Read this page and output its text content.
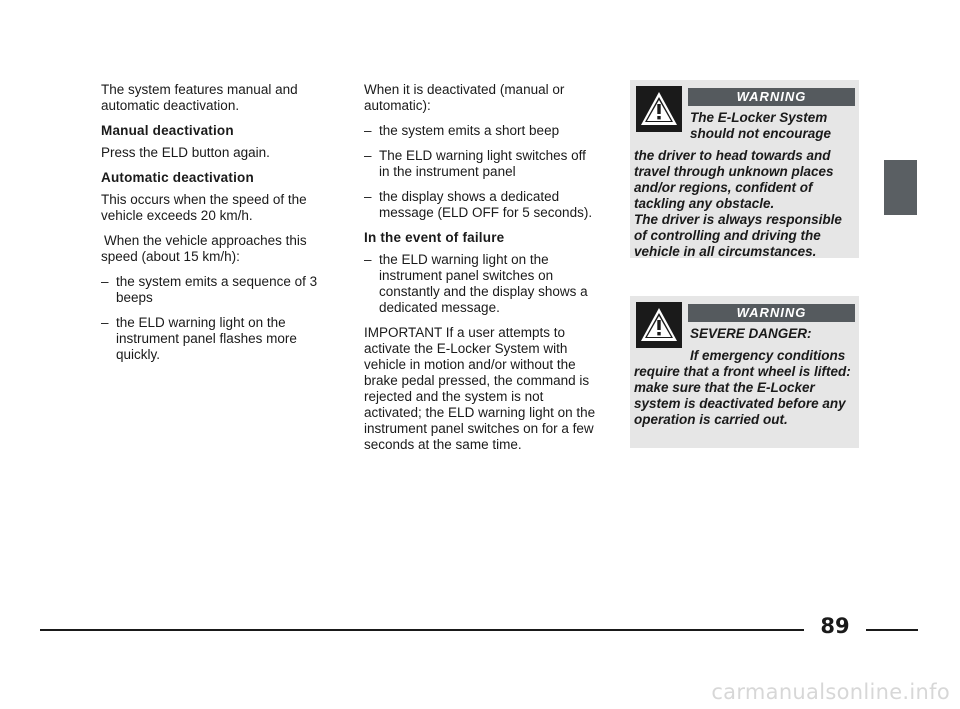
The system features manual and automatic deactivation.

Manual deactivation

Press the ELD button again.

Automatic deactivation

This occurs when the speed of the vehicle exceeds 20 km/h.

When the vehicle approaches this speed (about 15 km/h):

– the system emits a sequence of 3 beeps
– the ELD warning light on the instrument panel flashes more quickly.

When it is deactivated (manual or automatic):

– the system emits a short beep
– The ELD warning light switches off in the instrument panel
– the display shows a dedicated message (ELD OFF for 5 seconds).
In the event of failure
– the ELD warning light on the instrument panel switches on constantly and the display shows a dedicated message.

IMPORTANT If a user attempts to activate the E-Locker System with vehicle in motion and/or without the brake pedal pressed, the command is rejected and the system is not activated; the ELD warning light on the instrument panel switches on for a few seconds at the same time.

WARNING
The E-Locker System should not encourage
the driver to head towards and travel through unknown places and/or regions, confident of tackling any obstacle.
The driver is always responsible of controlling and driving the vehicle in all circumstances.
WARNING
SEVERE DANGER:
If emergency conditions
require that a front wheel is lifted: make sure that the E-Locker system is deactivated before any operation is carried out.
89
carmanualsonline.info
